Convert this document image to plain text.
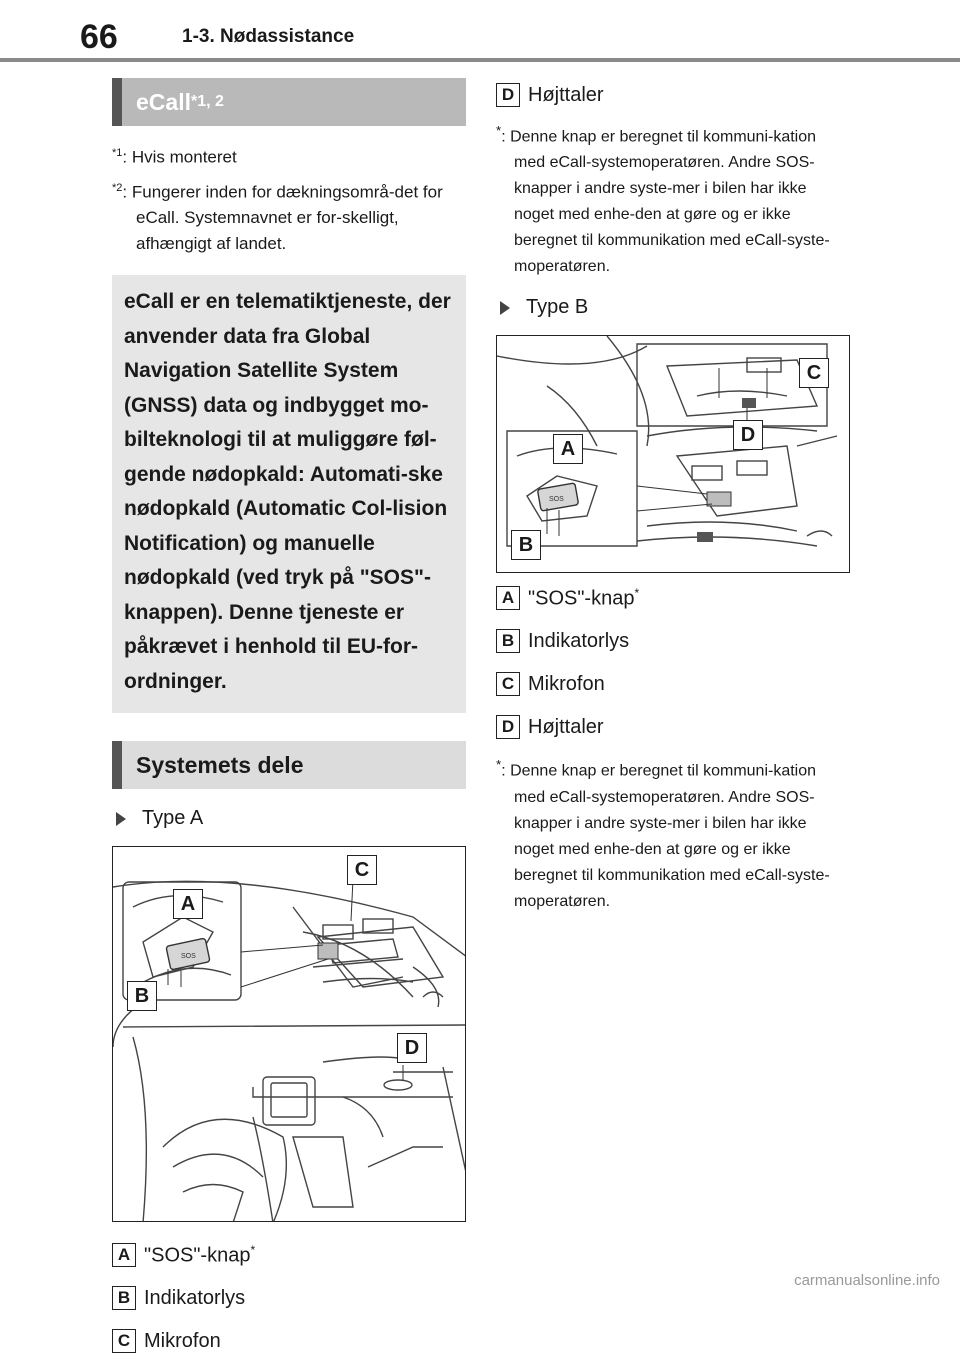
66	1-3. Nødassistance
eCall *1, 2

$^{*1}$: Hvis monteret

$^{*2}$: Fungerer inden for dækningsområ-det for eCall. Systemnavnet er for-skelligt, afhængigt af landet.

eCall er en telematiktjeneste, der anvender data fra Global Navigation Satellite System (GNSS) data og indbygget mo-bilteknologi til at muliggøre føl-gende nødopkald: Automati-ske nødopkald (Automatic Col-lision Notification) og manuelle nødopkald (ved tryk på "SOS"-knappen). Denne tjeneste er påkrævet i henhold til EU-for-ordninger.
Systemets dele
Type A
SOS
A
B
C
D
A "SOS"-knap*
B Indikatorlys
C Mikrofon
D Højttaler
*: Denne knap er beregnet til kommuni-kation med eCall-systemoperatøren. Andre SOS-knapper i andre syste-mer i bilen har ikke noget med enhe-den at gøre og er ikke beregnet til kommunikation med eCall-syste-moperatøren.
Type B
SOS
A
B
C
D
A "SOS"-knap*
B Indikatorlys
C Mikrofon
D Højttaler
*: Denne knap er beregnet til kommuni-kation med eCall-systemoperatøren. Andre SOS-knapper i andre syste-mer i bilen har ikke noget med enhe-den at gøre og er ikke beregnet til kommunikation med eCall-syste-moperatøren.
carmanualsonline.info
